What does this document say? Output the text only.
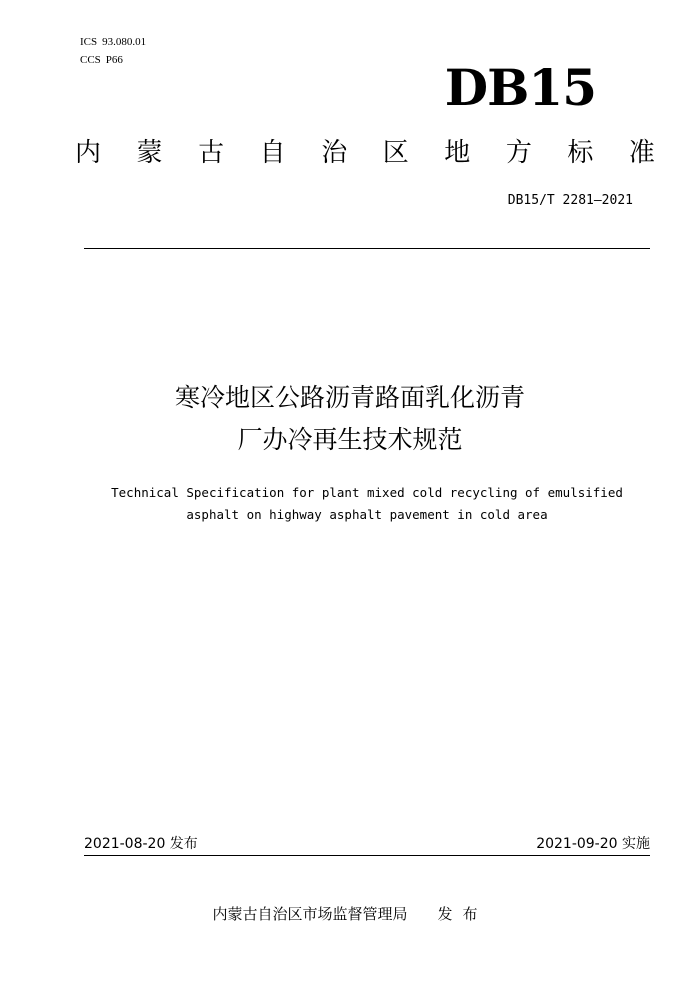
ICS 93.080.01
CCS P66	DB15
内 蒙 古 自 治 区 地 方 标 准
DB15/T 2281—2021
寒冷地区公路沥青路面乳化沥青
厂办冷再生技术规范
Technical Specification for plant mixed cold recycling of emulsified
asphalt on highway asphalt pavement in cold area
2021-08-20 发布	2021-09-20 实施
内蒙古自治区市场监督管理局 发布
